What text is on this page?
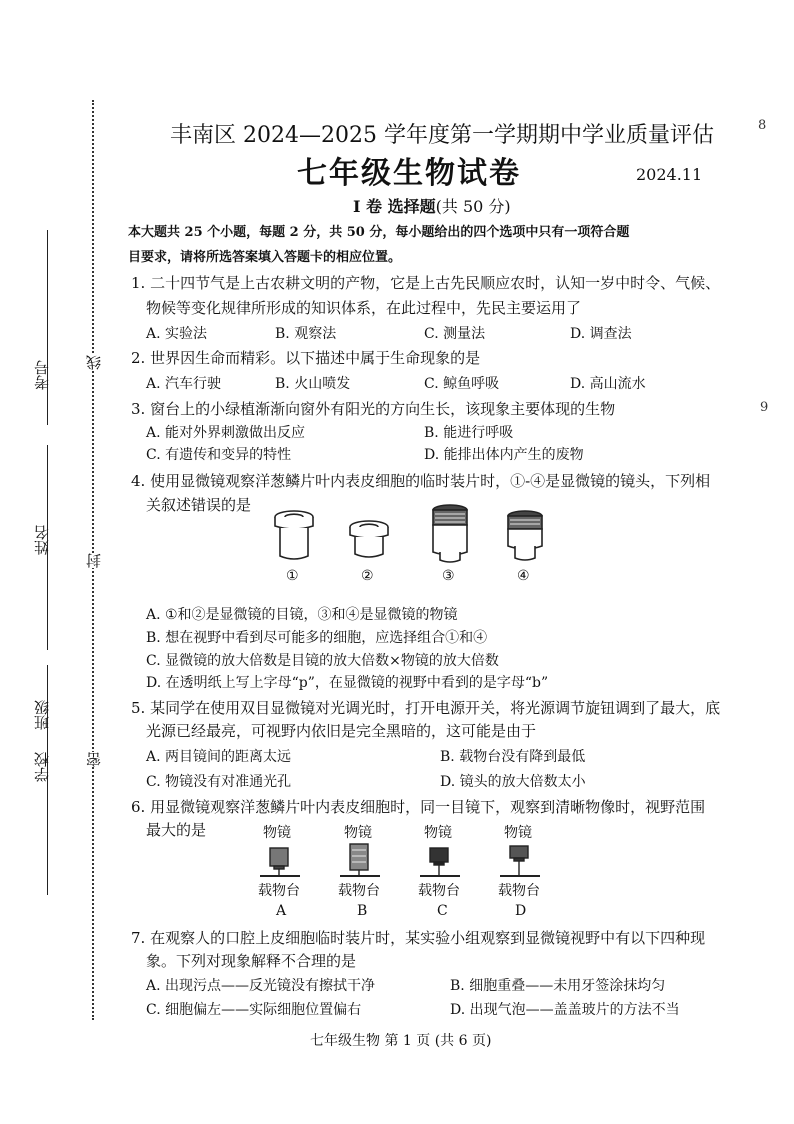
考号
姓名
班级
学校
线
封
密
8
9
丰南区 2024—2025 学年度第一学期期中学业质量评估
七年级生物试卷	2024.11
I 卷 选择题(共 50 分)
本大题共 25 个小题，每题 2 分，共 50 分，每小题给出的四个选项中只有一项符合题
目要求，请将所选答案填入答题卡的相应位置。
1. 二十四节气是上古农耕文明的产物，它是上古先民顺应农时，认知一岁中时令、气候、
物候等变化规律所形成的知识体系，在此过程中，先民主要运用了
A. 实验法	B. 观察法	C. 测量法	D. 调查法
2. 世界因生命而精彩。以下描述中属于生命现象的是
A. 汽车行驶	B. 火山喷发	C. 鲸鱼呼吸	D. 高山流水
3. 窗台上的小绿植渐渐向窗外有阳光的方向生长，该现象主要体现的生物
A. 能对外界刺激做出反应	B. 能进行呼吸
C. 有遗传和变异的特性	D. 能排出体内产生的废物
4. 使用显微镜观察洋葱鳞片叶内表皮细胞的临时装片时，①-④是显微镜的镜头，下列相
关叙述错误的是
①	②	③	④
A. ①和②是显微镜的目镜，③和④是显微镜的物镜
B. 想在视野中看到尽可能多的细胞，应选择组合①和④
C. 显微镜的放大倍数是目镜的放大倍数×物镜的放大倍数
D. 在透明纸上写上字母“p”，在显微镜的视野中看到的是字母“b”
5. 某同学在使用双目显微镜对光调光时，打开电源开关，将光源调节旋钮调到了最大，底
光源已经最亮，可视野内依旧是完全黑暗的，这可能是由于
A. 两目镜间的距离太远	B. 载物台没有降到最低
C. 物镜没有对准通光孔	D. 镜头的放大倍数太小
6. 用显微镜观察洋葱鳞片叶内表皮细胞时，同一目镜下，观察到清晰物像时，视野范围
最大的是	物镜	物镜	物镜	物镜
载物台	载物台	载物台	载物台
A	B	C	D
7. 在观察人的口腔上皮细胞临时装片时，某实验小组观察到显微镜视野中有以下四种现
象。下列对现象解释不合理的是
A. 出现污点——反光镜没有擦拭干净	B. 细胞重叠——未用牙签涂抹均匀
C. 细胞偏左——实际细胞位置偏右	D. 出现气泡——盖盖玻片的方法不当
七年级生物 第 1 页 (共 6 页)
